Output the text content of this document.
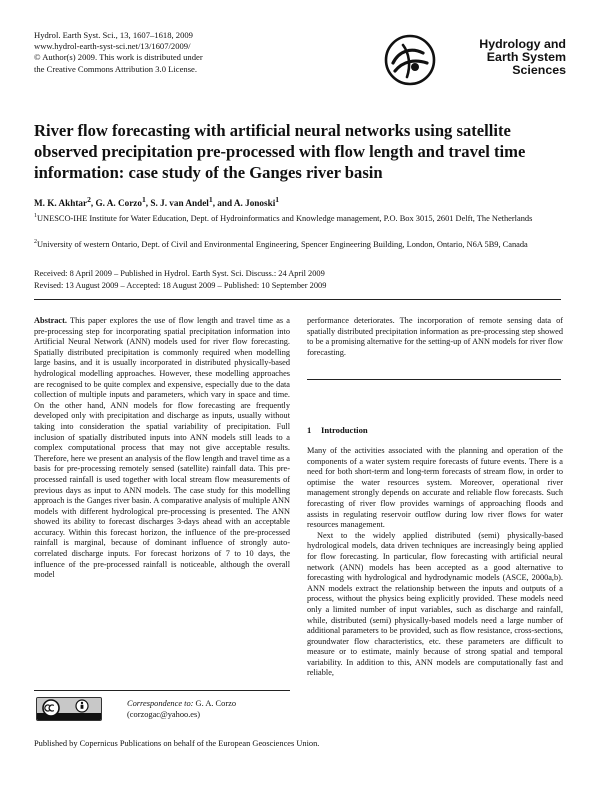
Hydrol. Earth Syst. Sci., 13, 1607–1618, 2009
www.hydrol-earth-syst-sci.net/13/1607/2009/
© Author(s) 2009. This work is distributed under
the Creative Commons Attribution 3.0 License.
Hydrology and
Earth System
Sciences
River flow forecasting with artificial neural networks using satellite observed precipitation pre-processed with flow length and travel time information: case study of the Ganges river basin
M. K. Akhtar$^2$, G. A. Corzo$^1$, S. J. van Andel$^1$, and A. Jonoski$^1$
$^1$UNESCO-IHE Institute for Water Education, Dept. of Hydroinformatics and Knowledge management, P.O. Box 3015, 2601 Delft, The Netherlands
$^2$University of western Ontario, Dept. of Civil and Environmental Engineering, Spencer Engineering Building, London, Ontario, N6A 5B9, Canada
Received: 8 April 2009 – Published in Hydrol. Earth Syst. Sci. Discuss.: 24 April 2009
Revised: 13 August 2009 – Accepted: 18 August 2009 – Published: 10 September 2009

Abstract. This paper explores the use of flow length and travel time as a pre-processing step for incorporating spatial precipitation information into Artificial Neural Network (ANN) models used for river flow forecasting. Spatially distributed precipitation is commonly required when modelling large basins, and it is usually incorporated in distributed physically-based hydrological modelling approaches. However, these modelling approaches are recognised to be quite complex and expensive, especially due to the data collection of multiple inputs and parameters, which vary in space and time. On the other hand, ANN models for flow forecasting are frequently developed only with precipitation and discharge as inputs, usually without taking into consideration the spatial variability of precipitation. Full inclusion of spatially distributed inputs into ANN models still leads to a complex computational process that may not give acceptable results. Therefore, here we present an analysis of the flow length and travel time as a basis for pre-processing remotely sensed (satellite) rainfall data. This pre-processed rainfall is used together with local stream flow measurements of previous days as input to ANN models. The case study for this modelling approach is the Ganges river basin. A comparative analysis of multiple ANN models with different hydrological pre-processing is presented. The ANN showed its ability to forecast discharges 3-days ahead with an acceptable accuracy. Within this forecast horizon, the influence of the pre-processed rainfall is marginal, because of dominant influence of strongly auto-correlated discharge inputs. For forecast horizons of 7 to 10 days, the influence of the pre-processed rainfall is noticeable, although the overall model

performance deteriorates. The incorporation of remote sensing data of spatially distributed precipitation information as pre-processing step showed to be a promising alternative for the setting-up of ANN models for river flow forecasting.

1 Introduction

Many of the activities associated with the planning and operation of the components of a water system require forecasts of future events. There is a need for both short-term and long-term forecasts of stream flow, in order to optimise the water resources system. Moreover, operational river management strongly depends on accurate and reliable flow forecasts. Such forecasting of river flow provides warnings of approaching floods and assists in regulating reservoir outflow during low river flows for water resources management.

Next to the widely applied distributed (semi) physically-based hydrological models, data driven techniques are increasingly being applied for flow forecasting. In particular, flow forecasting with artificial neural network (ANN) models has been accepted as a good alternative to forecasting with hydrological and hydrodynamic models (ASCE, 2000a,b). ANN models extract the relationship between the inputs and outputs of a process, without the physics being explicitly provided. These models need only a limited number of input variables, such as discharge and rainfall, while, distributed (semi) physically-based models need a large number of additional parameters to be provided, such as flow resistance, cross-sections, groundwater flow characteristics, etc. these parameters are difficult to measure or to estimate, mainly because of strong spatial and temporal variability. In addition to this, ANN models are computationally fast and reliable,

Correspondence to: G. A. Corzo
(corzogac@yahoo.es)
Published by Copernicus Publications on behalf of the European Geosciences Union.
